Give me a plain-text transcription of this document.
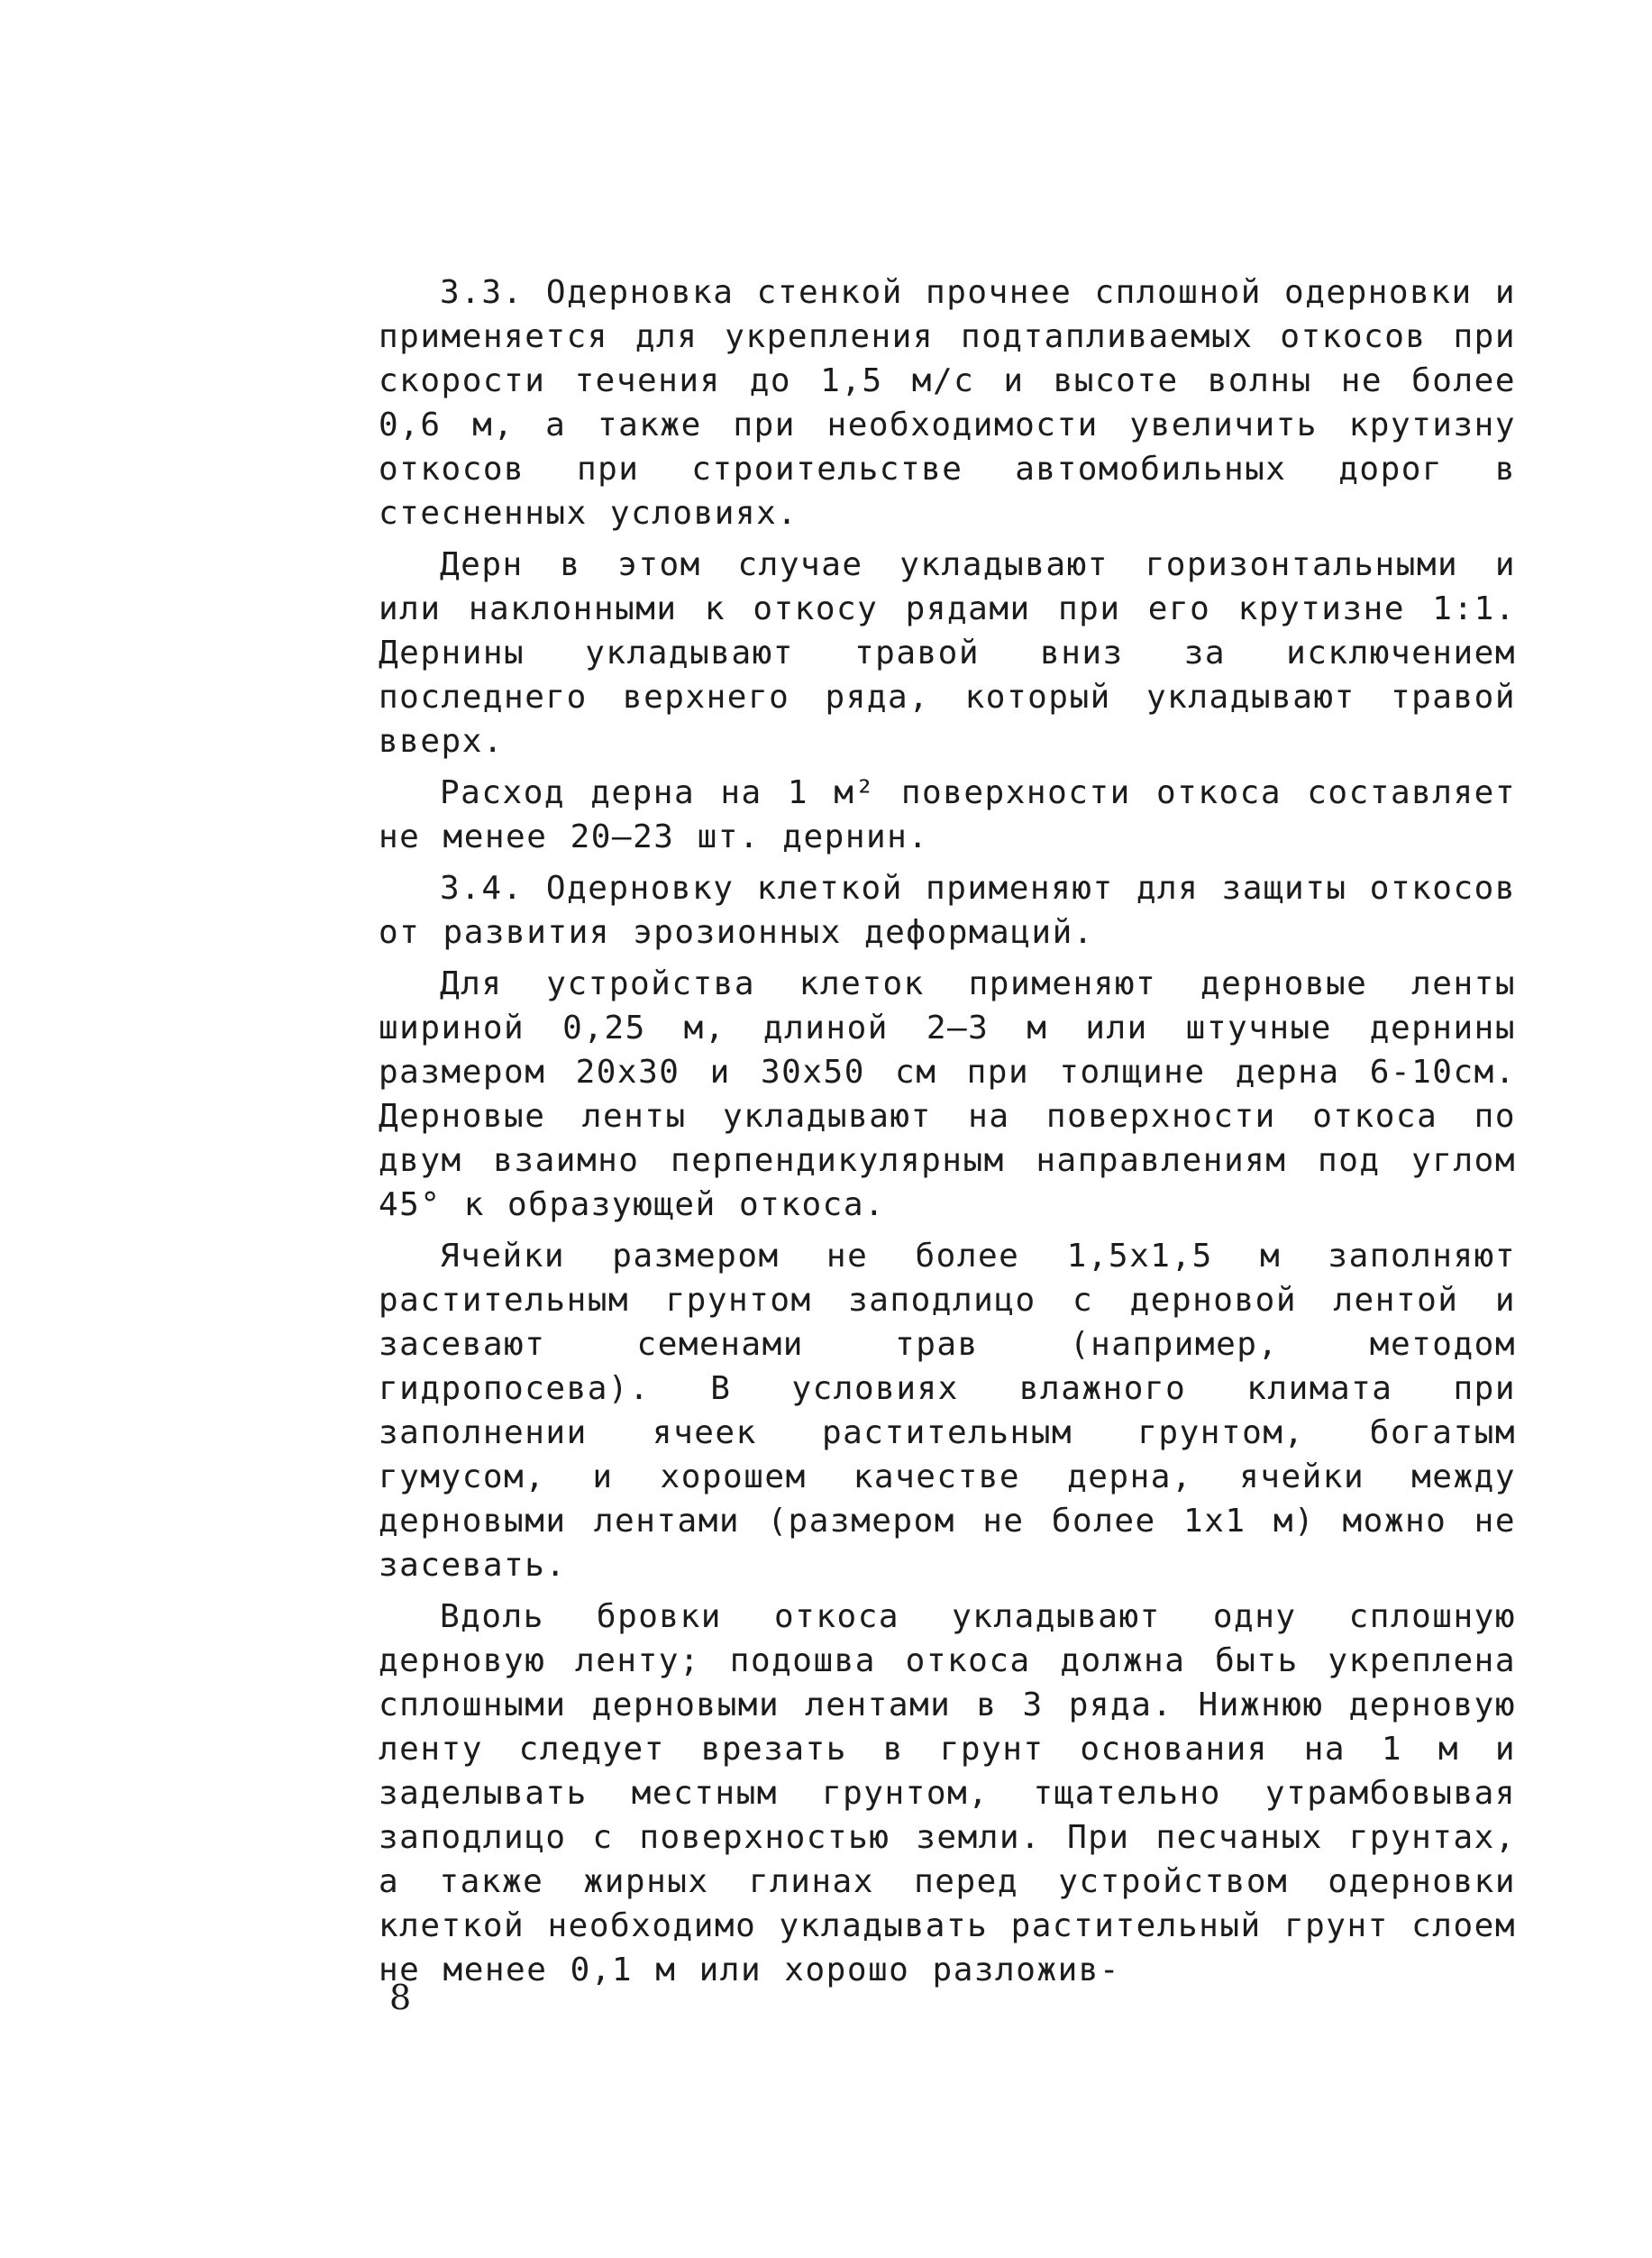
3.3. Одерновка стенкой прочнее сплошной одерновки и применяется для укрепления подтапливаемых откосов при скорости течения до 1,5 м/с и высоте волны не более 0,6 м, а также при необходимости увеличить крутизну откосов при строительстве автомобильных дорог в стесненных условиях.

Дерн в этом случае укладывают горизонтальными и или наклонными к откосу рядами при его крутизне 1:1. Дернины укладывают травой вниз за исключением последнего верхнего ряда, который укладывают травой вверх.

Расход дерна на 1 м² поверхности откоса составляет не менее 20–23 шт. дернин.

3.4. Одерновку клеткой применяют для защиты откосов от развития эрозионных деформаций.

Для устройства клеток применяют дерновые ленты шириной 0,25 м, длиной 2–3 м или штучные дернины размером 20х30 и 30х50 см при толщине дерна 6-10см. Дерновые ленты укладывают на поверхности откоса по двум взаимно перпендикулярным направлениям под углом 45° к образующей откоса.

Ячейки размером не более 1,5х1,5 м заполняют растительным грунтом заподлицо с дерновой лентой и засевают семенами трав (например, методом гидропосева). В условиях влажного климата при заполнении ячеек растительным грунтом, богатым гумусом, и хорошем качестве дерна, ячейки между дерновыми лентами (размером не более 1х1 м) можно не засевать.

Вдоль бровки откоса укладывают одну сплошную дерновую ленту; подошва откоса должна быть укреплена сплошными дерновыми лентами в 3 ряда. Нижнюю дерновую ленту следует врезать в грунт основания на 1 м и заделывать местным грунтом, тщательно утрамбовывая заподлицо с поверхностью земли. При песчаных грунтах, а также жирных глинах перед устройством одерновки клеткой необходимо укладывать растительный грунт слоем не менее 0,1 м или хорошо разложив-

8
